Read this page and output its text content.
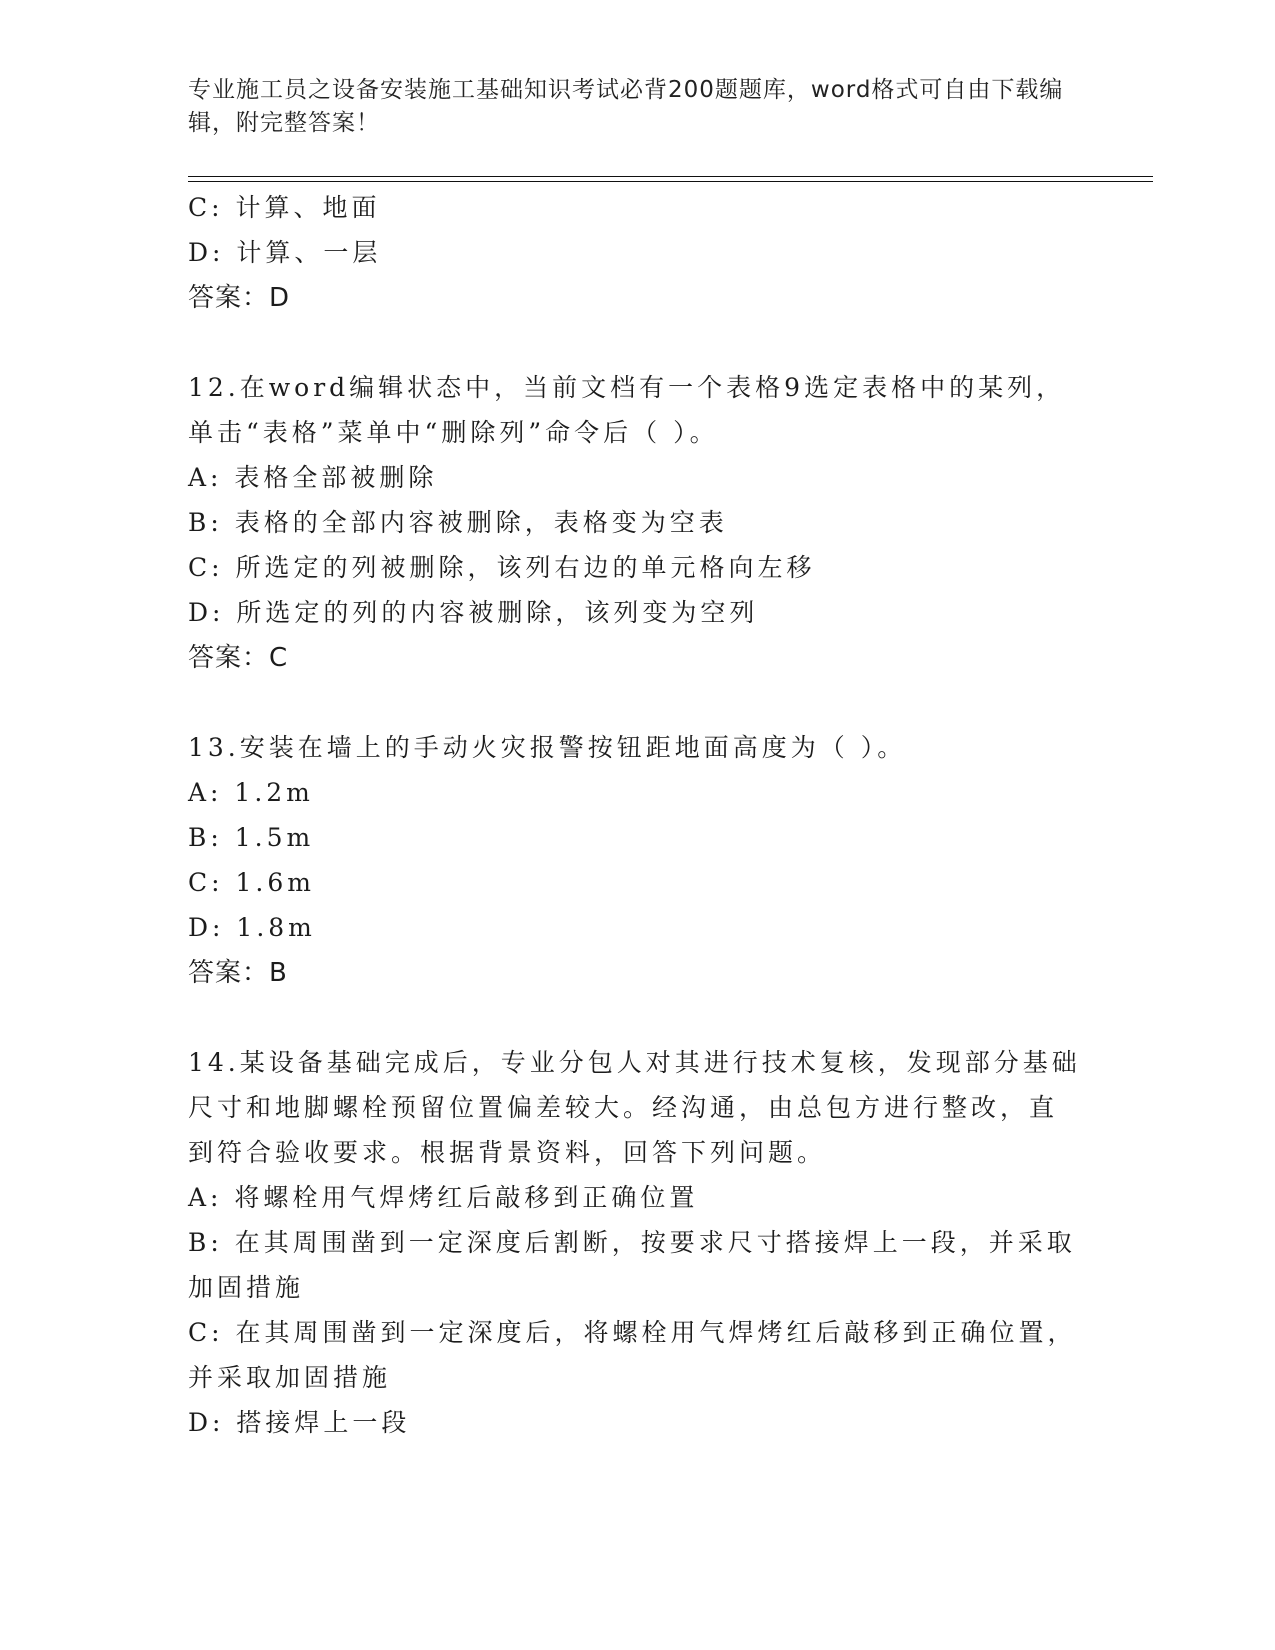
专业施工员之设备安装施工基础知识考试必背200题题库，word格式可自由下载编辑，附完整答案！
C: 计算、地面
D: 计算、一层
答案：D
12.在word编辑状态中，当前文档有一个表格9选定表格中的某列，
单击“表格”菜单中“删除列”命令后（ ）。
A: 表格全部被删除
B: 表格的全部内容被删除，表格变为空表
C: 所选定的列被删除，该列右边的单元格向左移
D: 所选定的列的内容被删除，该列变为空列
答案：C
13.安装在墙上的手动火灾报警按钮距地面高度为（ ）。
A: 1.2m
B: 1.5m
C: 1.6m
D: 1.8m
答案：B
14.某设备基础完成后，专业分包人对其进行技术复核，发现部分基础
尺寸和地脚螺栓预留位置偏差较大。经沟通，由总包方进行整改，直
到符合验收要求。根据背景资料，回答下列问题。
A: 将螺栓用气焊烤红后敲移到正确位置
B: 在其周围凿到一定深度后割断，按要求尺寸搭接焊上一段，并采取
加固措施
C: 在其周围凿到一定深度后，将螺栓用气焊烤红后敲移到正确位置，
并采取加固措施
D: 搭接焊上一段
